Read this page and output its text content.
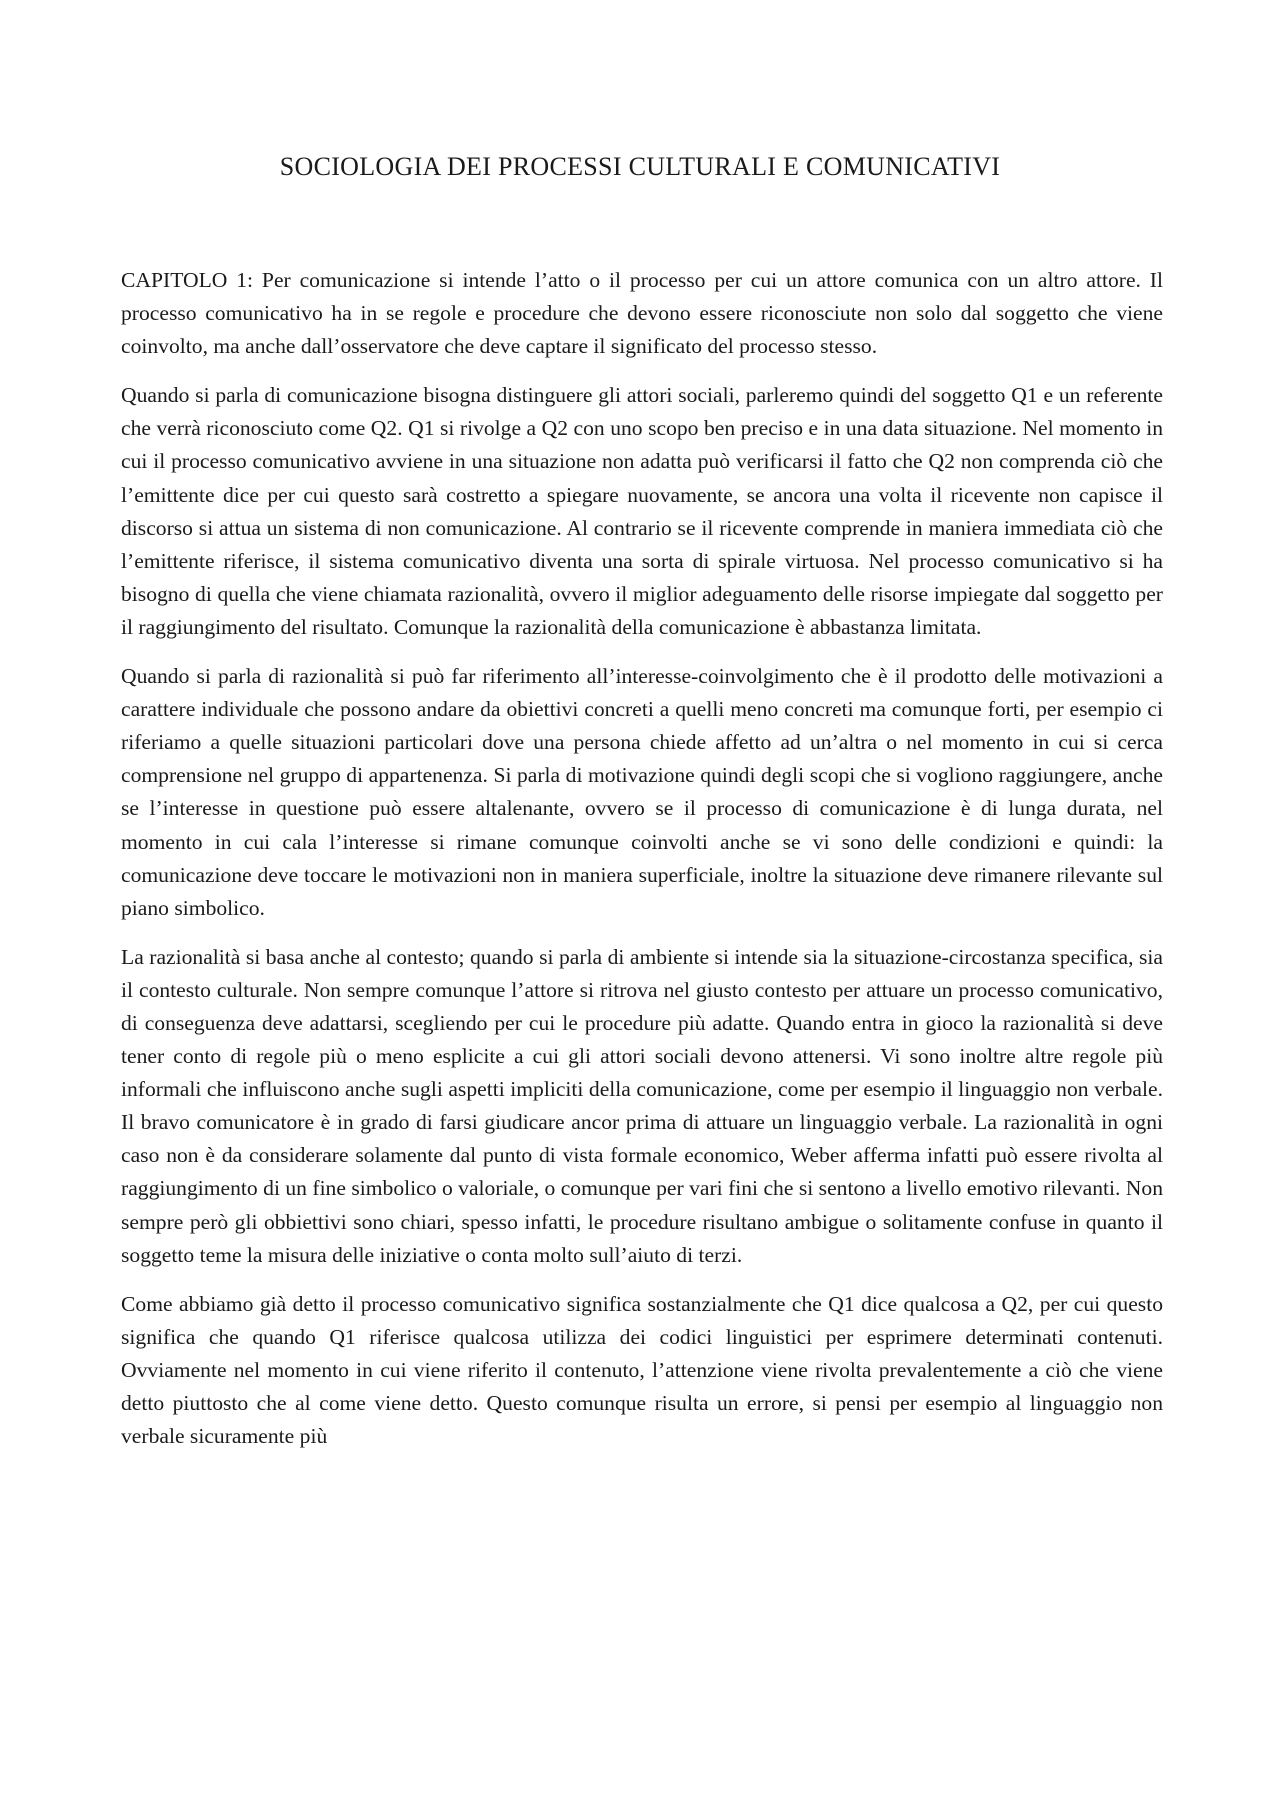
SOCIOLOGIA DEI PROCESSI CULTURALI E COMUNICATIVI

CAPITOLO 1: Per comunicazione si intende l’atto o il processo per cui un attore comunica con un altro attore. Il processo comunicativo ha in se regole e procedure che devono essere riconosciute non solo dal soggetto che viene coinvolto, ma anche dall’osservatore che deve captare il significato del processo stesso.

Quando si parla di comunicazione bisogna distinguere gli attori sociali, parleremo quindi del soggetto Q1 e un referente che verrà riconosciuto come Q2. Q1 si rivolge a Q2 con uno scopo ben preciso e in una data situazione. Nel momento in cui il processo comunicativo avviene in una situazione non adatta può verificarsi il fatto che Q2 non comprenda ciò che l’emittente dice per cui questo sarà costretto a spiegare nuovamente, se ancora una volta il ricevente non capisce il discorso si attua un sistema di non comunicazione. Al contrario se il ricevente comprende in maniera immediata ciò che l’emittente riferisce, il sistema comunicativo diventa una sorta di spirale virtuosa. Nel processo comunicativo si ha bisogno di quella che viene chiamata razionalità, ovvero il miglior adeguamento delle risorse impiegate dal soggetto per il raggiungimento del risultato. Comunque la razionalità della comunicazione è abbastanza limitata.

Quando si parla di razionalità si può far riferimento all’interesse-coinvolgimento che è il prodotto delle motivazioni a carattere individuale che possono andare da obiettivi concreti a quelli meno concreti ma comunque forti, per esempio ci riferiamo a quelle situazioni particolari dove una persona chiede affetto ad un’altra o nel momento in cui si cerca comprensione nel gruppo di appartenenza. Si parla di motivazione quindi degli scopi che si vogliono raggiungere, anche se l’interesse in questione può essere altalenante, ovvero se il processo di comunicazione è di lunga durata, nel momento in cui cala l’interesse si rimane comunque coinvolti anche se vi sono delle condizioni e quindi: la comunicazione deve toccare le motivazioni non in maniera superficiale, inoltre la situazione deve rimanere rilevante sul piano simbolico.

La razionalità si basa anche al contesto; quando si parla di ambiente si intende sia la situazione-circostanza specifica, sia il contesto culturale. Non sempre comunque l’attore si ritrova nel giusto contesto per attuare un processo comunicativo, di conseguenza deve adattarsi, scegliendo per cui le procedure più adatte. Quando entra in gioco la razionalità si deve tener conto di regole più o meno esplicite a cui gli attori sociali devono attenersi. Vi sono inoltre altre regole più informali che influiscono anche sugli aspetti impliciti della comunicazione, come per esempio il linguaggio non verbale. Il bravo comunicatore è in grado di farsi giudicare ancor prima di attuare un linguaggio verbale. La razionalità in ogni caso non è da considerare solamente dal punto di vista formale economico, Weber afferma infatti può essere rivolta al raggiungimento di un fine simbolico o valoriale, o comunque per vari fini che si sentono a livello emotivo rilevanti. Non sempre però gli obbiettivi sono chiari, spesso infatti, le procedure risultano ambigue o solitamente confuse in quanto il soggetto teme la misura delle iniziative o conta molto sull’aiuto di terzi.

Come abbiamo già detto il processo comunicativo significa sostanzialmente che Q1 dice qualcosa a Q2, per cui questo significa che quando Q1 riferisce qualcosa utilizza dei codici linguistici per esprimere determinati contenuti. Ovviamente nel momento in cui viene riferito il contenuto, l’attenzione viene rivolta prevalentemente a ciò che viene detto piuttosto che al come viene detto. Questo comunque risulta un errore, si pensi per esempio al linguaggio non verbale sicuramente più
